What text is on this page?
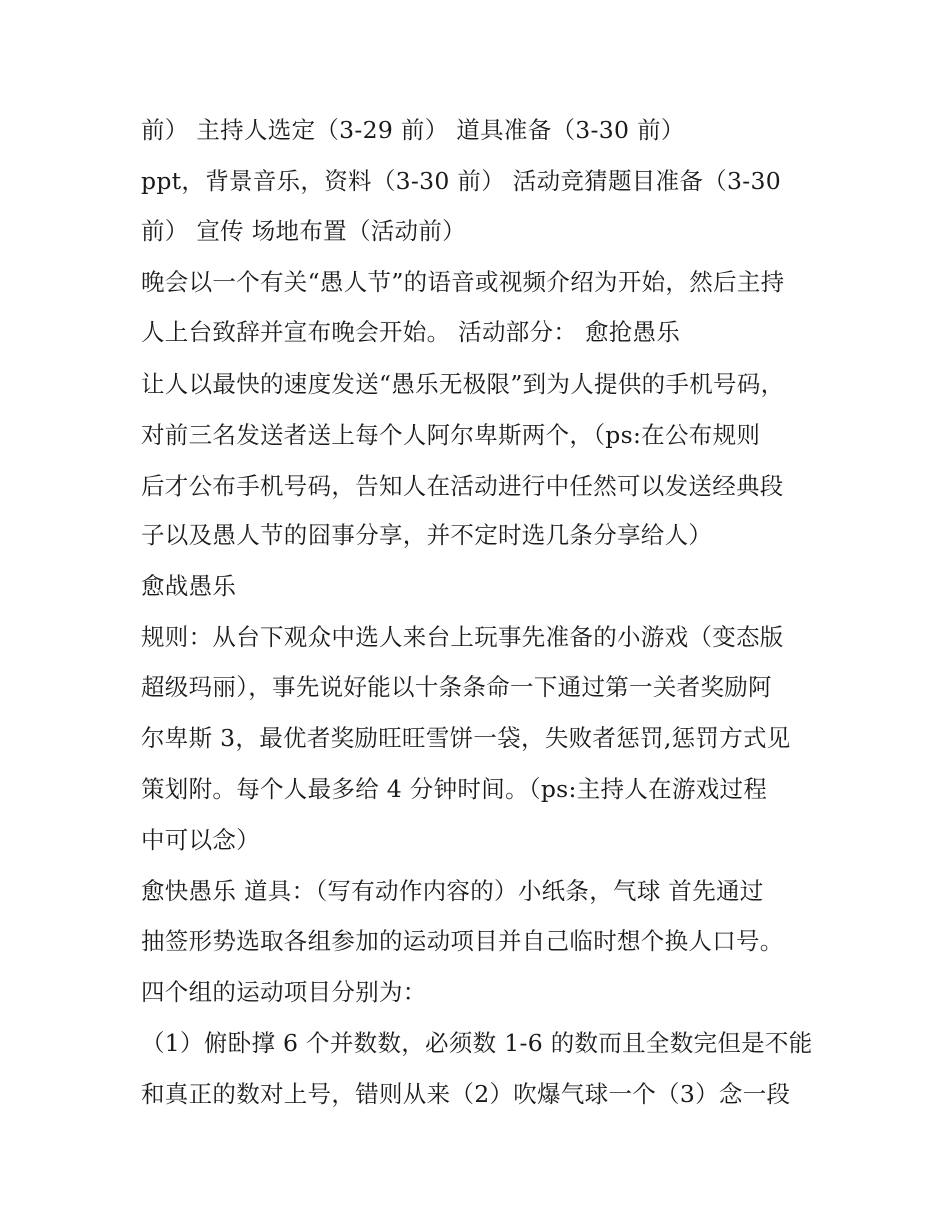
前） 主持人选定（3-29 前） 道具准备（3-30 前）
ppt，背景音乐，资料（3-30 前） 活动竞猜题目准备（3-30
前） 宣传 场地布置（活动前）
晚会以一个有关“愚人节”的语音或视频介绍为开始，然后主持
人上台致辞并宣布晚会开始。 活动部分： 愈抢愚乐
让人以最快的速度发送“愚乐无极限”到为人提供的手机号码，
对前三名发送者送上每个人阿尔卑斯两个，（ps:在公布规则
后才公布手机号码，告知人在活动进行中任然可以发送经典段
子以及愚人节的囧事分享，并不定时选几条分享给人）
愈战愚乐
规则：从台下观众中选人来台上玩事先准备的小游戏（变态版
超级玛丽），事先说好能以十条条命一下通过第一关者奖励阿
尔卑斯 3，最优者奖励旺旺雪饼一袋，失败者惩罚,惩罚方式见
策划附。每个人最多给 4 分钟时间。（ps:主持人在游戏过程
中可以念）
愈快愚乐 道具：（写有动作内容的）小纸条，气球 首先通过
抽签形势选取各组参加的运动项目并自己临时想个换人口号。
四个组的运动项目分别为：
（1）俯卧撑 6 个并数数，必须数 1-6 的数而且全数完但是不能
和真正的数对上号，错则从来（2）吹爆气球一个（3）念一段
